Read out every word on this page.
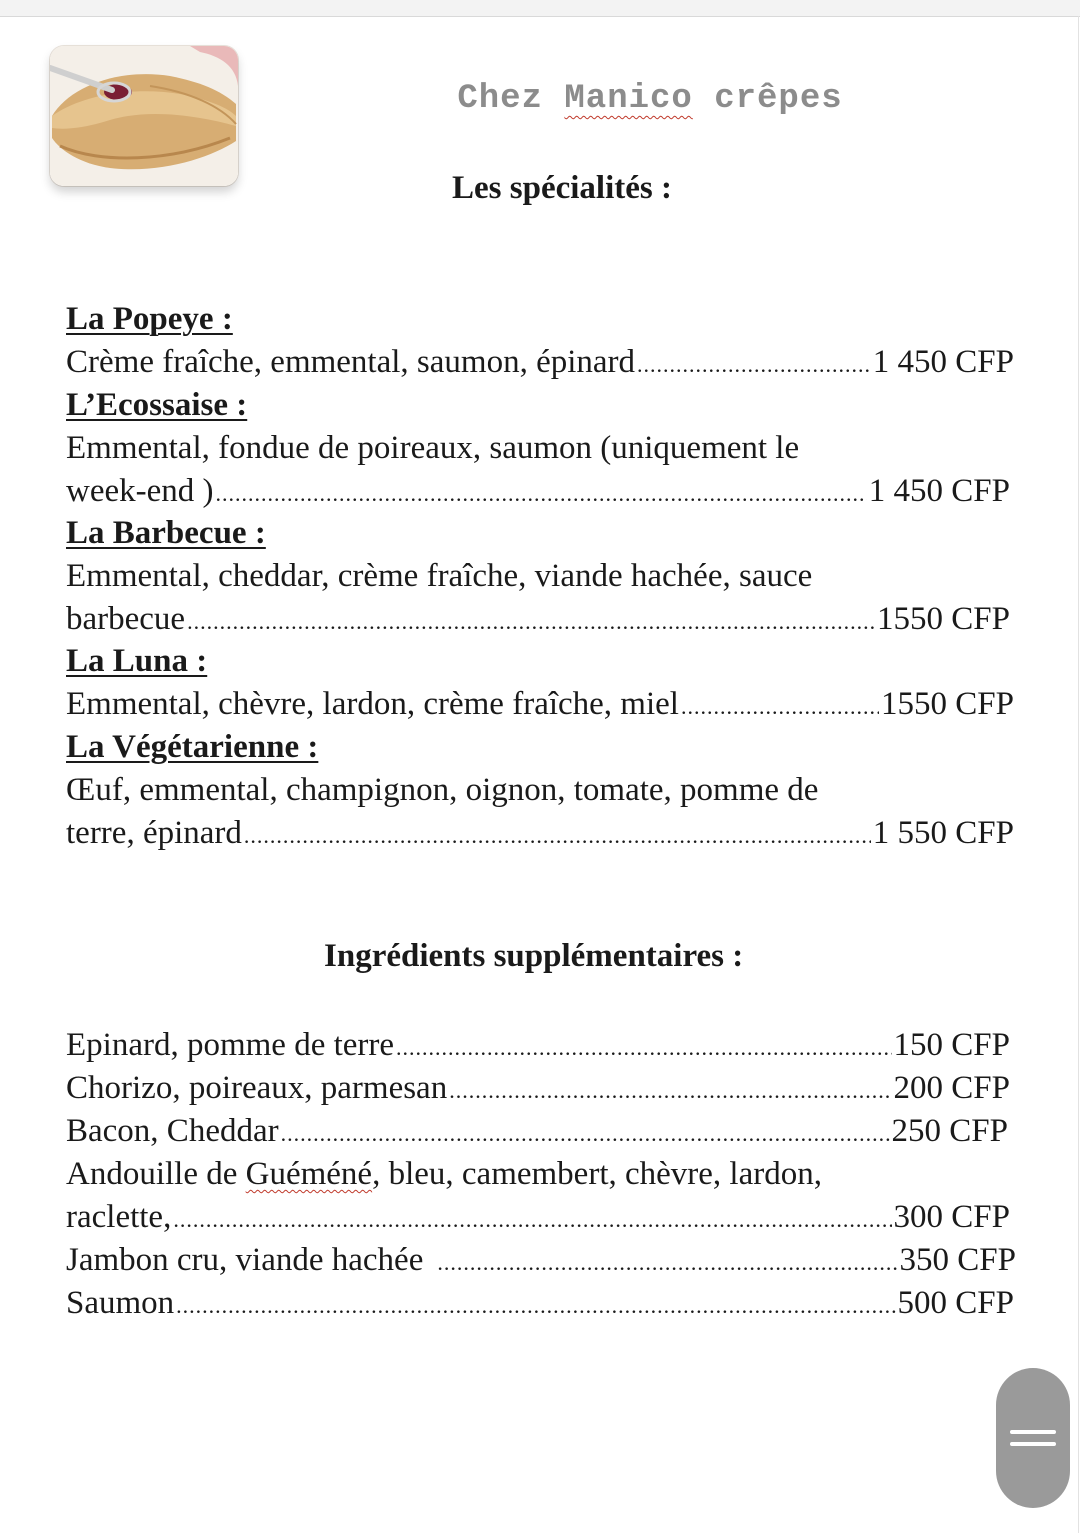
Chez Manico crêpes
Les spécialités :
La Popeye :
Crème fraîche, emmental, saumon, épinard .....	1 450 CFP
L’Ecossaise :
Emmental, fondue de poireaux, saumon (uniquement le
week-end ) .....	1 450 CFP
La Barbecue :
Emmental, cheddar, crème fraîche, viande hachée, sauce
barbecue .....	1550 CFP
La Luna :
Emmental, chèvre, lardon, crème fraîche, miel .....	1550 CFP
La Végétarienne :
Œuf, emmental, champignon, oignon, tomate, pomme de
terre, épinard .....	1 550 CFP
Ingrédients supplémentaires :
Epinard, pomme de terre .....	150 CFP
Chorizo, poireaux, parmesan .....	200 CFP
Bacon, Cheddar .....	250 CFP
Andouille de Guéméné, bleu, camembert, chèvre, lardon,
raclette, .....	300 CFP
Jambon cru, viande hachée .....	350 CFP
Saumon .....	500 CFP
